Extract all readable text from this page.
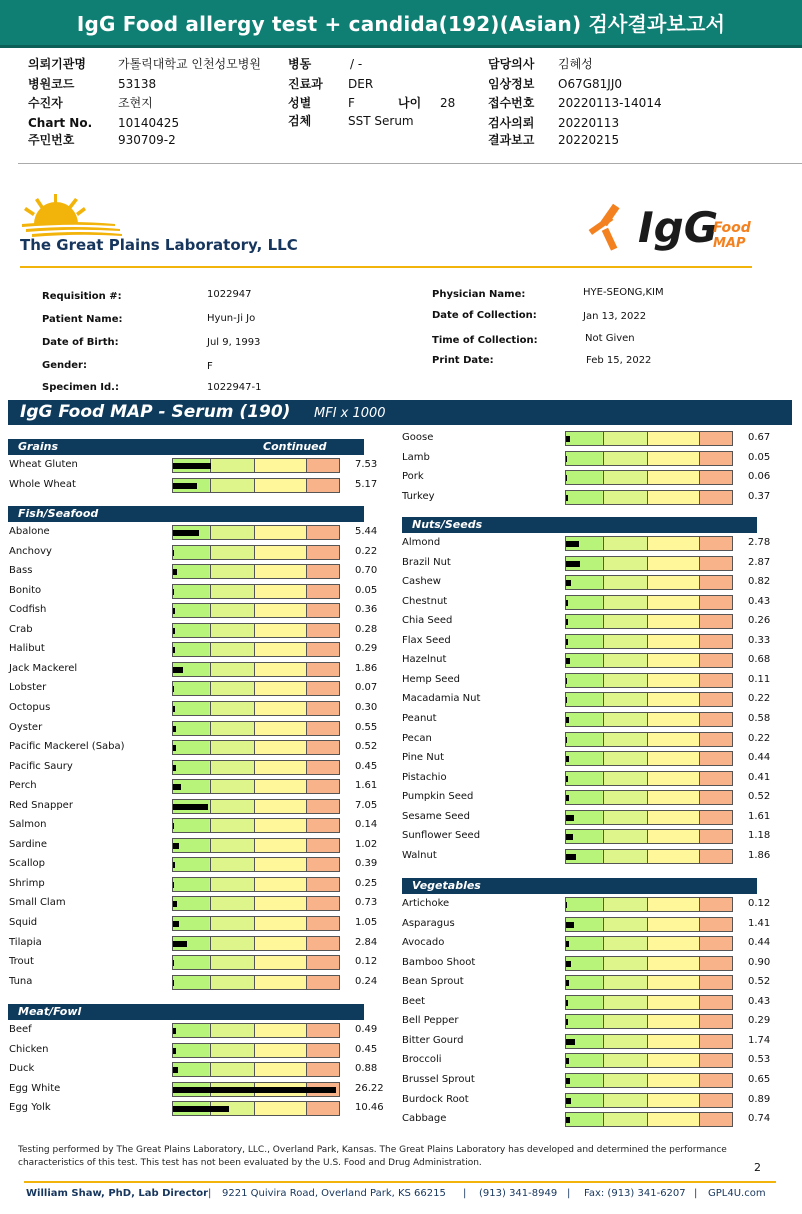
IgG Food allergy test + candida(192)(Asian) 검사결과보고서
의뢰기관명	가톨릭대학교 인천성모병원
병원코드	53138
수진자	조현지
Chart No. 10140425
주민번호	930709-2
병동	/ -
진료과 DER
성별	F	나이 28
검체	SST Serum
담당의사 김혜성
임상정보 O67G81JJ0
접수번호 20220113-14014
검사의뢰 20220113
결과보고 20220215
The Great Plains Laboratory, LLC	IgG
Food
MAP
Requisition #:	1022947
Patient Name:	Hyun-Ji Jo
Date of Birth:	Jul 9, 1993
Gender:	F
Specimen Id.:	1022947-1
Physician Name:	HYE-SEONG,KIM
Date of Collection:	Jan 13, 2022
Time of Collection:	Not Given
Print Date:	Feb 15, 2022
IgG Food MAP - Serum (190) MFI x 1000
Grains	Continued
Wheat Gluten	7.53
Whole Wheat	5.17
Fish/Seafood
Abalone	5.44
Anchovy	0.22
Bass	0.70
Bonito	0.05
Codfish	0.36
Crab	0.28
Halibut	0.29
Jack Mackerel	1.86
Lobster	0.07
Octopus	0.30
Oyster	0.55
Pacific Mackerel (Saba)	0.52
Pacific Saury	0.45
Perch	1.61
Red Snapper	7.05
Salmon	0.14
Sardine	1.02
Scallop	0.39
Shrimp	0.25
Small Clam	0.73
Squid	1.05
Tilapia	2.84
Trout	0.12
Tuna	0.24
Meat/Fowl
Beef	0.49
Chicken	0.45
Duck	0.88
Egg White	26.22
Egg Yolk	10.46
Goose	0.67
Lamb	0.05
Pork	0.06
Turkey	0.37
Nuts/Seeds
Almond	2.78
Brazil Nut	2.87
Cashew	0.82
Chestnut	0.43
Chia Seed	0.26
Flax Seed	0.33
Hazelnut	0.68
Hemp Seed	0.11
Macadamia Nut	0.22
Peanut	0.58
Pecan	0.22
Pine Nut	0.44
Pistachio	0.41
Pumpkin Seed	0.52
Sesame Seed	1.61
Sunflower Seed	1.18
Walnut	1.86
Vegetables
Artichoke	0.12
Asparagus	1.41
Avocado	0.44
Bamboo Shoot	0.90
Bean Sprout	0.52
Beet	0.43
Bell Pepper	0.29
Bitter Gourd	1.74
Broccoli	0.53
Brussel Sprout	0.65
Burdock Root	0.89
Cabbage	0.74
Testing performed by The Great Plains Laboratory, LLC., Overland Park, Kansas. The Great Plains Laboratory has developed and determined the performance characteristics of this test. This test has not been evaluated by the U.S. Food and Drug Administration.	2
William Shaw, PhD, Lab Director | 9221 Quivira Road, Overland Park, KS 66215 | (913) 341-8949 | Fax: (913) 341-6207 | GPL4U.com
